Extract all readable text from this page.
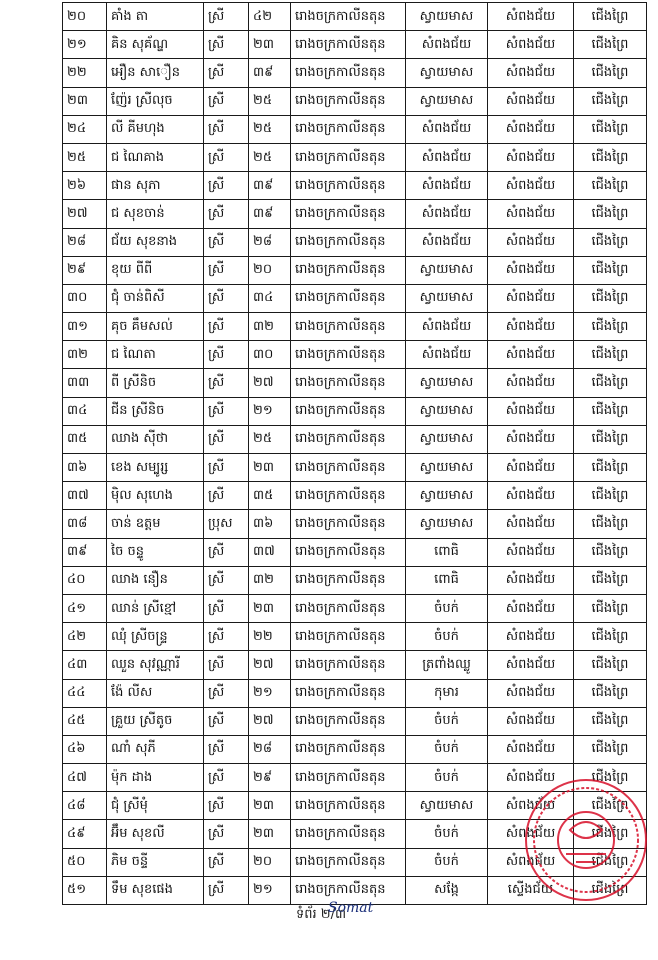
២០	គាំង តា	ស្រី	៤២	រោងចក្រកាលីនតុន	ស្វាយមាស	សំពងជ័យ	ជើងព្រៃ
២១	គិន សុគ័ណ្ឌ	ស្រី	២៣	រោងចក្រកាលីនតុន	សំពងជ័យ	សំពងជ័យ	ជើងព្រៃ
២២	អឿន សាឿន	ស្រី	៣៩	រោងចក្រកាលីនតុន	ស្វាយមាស	សំពងជ័យ	ជើងព្រៃ
២៣	ញ៉ែរ ស្រីលុច	ស្រី	២៥	រោងចក្រកាលីនតុន	ស្វាយមាស	សំពងជ័យ	ជើងព្រៃ
២៤	លី គីមហុង	ស្រី	២៥	រោងចក្រកាលីនតុន	សំពងជ័យ	សំពងជ័យ	ជើងព្រៃ
២៥	ជ ណៃគាង	ស្រី	២៥	រោងចក្រកាលីនតុន	សំពងជ័យ	សំពងជ័យ	ជើងព្រៃ
២៦	ផាន សុភា	ស្រី	៣៩	រោងចក្រកាលីនតុន	សំពងជ័យ	សំពងជ័យ	ជើងព្រៃ
២៧	ជ សុខចាន់	ស្រី	៣៩	រោងចក្រកាលីនតុន	សំពងជ័យ	សំពងជ័យ	ជើងព្រៃ
២៨	ជ័យ សុខនាង	ស្រី	២៨	រោងចក្រកាលីនតុន	សំពងជ័យ	សំពងជ័យ	ជើងព្រៃ
២៩	ខុយ ពីពី	ស្រី	២០	រោងចក្រកាលីនតុន	ស្វាយមាស	សំពងជ័យ	ជើងព្រៃ
៣០	ជុំ ចាន់ពិសី	ស្រី	៣៤	រោងចក្រកាលីនតុន	ស្វាយមាស	សំពងជ័យ	ជើងព្រៃ
៣១	គុច គឹមសល់	ស្រី	៣២	រោងចក្រកាលីនតុន	សំពងជ័យ	សំពងជ័យ	ជើងព្រៃ
៣២	ជ ណៃតា	ស្រី	៣០	រោងចក្រកាលីនតុន	សំពងជ័យ	សំពងជ័យ	ជើងព្រៃ
៣៣	ពី ស្រីនិច	ស្រី	២៧	រោងចក្រកាលីនតុន	ស្វាយមាស	សំពងជ័យ	ជើងព្រៃ
៣៤	ជីន ស្រីនិច	ស្រី	២១	រោងចក្រកាលីនតុន	ស្វាយមាស	សំពងជ័យ	ជើងព្រៃ
៣៥	ឈាង ស៊ីថា	ស្រី	២៥	រោងចក្រកាលីនតុន	ស្វាយមាស	សំពងជ័យ	ជើងព្រៃ
៣៦	ខេង សម្បូរ្ស	ស្រី	២៣	រោងចក្រកាលីនតុន	ស្វាយមាស	សំពងជ័យ	ជើងព្រៃ
៣៧	ម៉ិល សុហេង	ស្រី	៣៥	រោងចក្រកាលីនតុន	ស្វាយមាស	សំពងជ័យ	ជើងព្រៃ
៣៨	ចាន់ ឧត្តម	ប្រុស	៣៦	រោងចក្រកាលីនតុន	ស្វាយមាស	សំពងជ័យ	ជើងព្រៃ
៣៩	ចៃ ចន្ទូ	ស្រី	៣៧	រោងចក្រកាលីនតុន	ពោធិ	សំពងជ័យ	ជើងព្រៃ
៤០	ឈាង នឿន	ស្រី	៣២	រោងចក្រកាលីនតុន	ពោធិ	សំពងជ័យ	ជើងព្រៃ
៤១	ឈាន់ ស្រីខ្មៅ	ស្រី	២៣	រោងចក្រកាលីនតុន	ចំបក់	សំពងជ័យ	ជើងព្រៃ
៤២	ឈុំ ស្រីចន្រ្ទ	ស្រី	២២	រោងចក្រកាលីនតុន	ចំបក់	សំពងជ័យ	ជើងព្រៃ
៤៣	ឈួន សុវណ្ណារី	ស្រី	២៧	រោងចក្រកាលីនតុន	ត្រពាំងឈ្លូ	សំពងជ័យ	ជើងព្រៃ
៤៤	ង៉ែ លីស	ស្រី	២១	រោងចក្រកាលីនតុន	កុមារ	សំពងជ័យ	ជើងព្រៃ
៤៥	គ្រួយ ស្រីតូច	ស្រី	២៧	រោងចក្រកាលីនតុន	ចំបក់	សំពងជ័យ	ជើងព្រៃ
៤៦	ណាំ សុភី	ស្រី	២៨	រោងចក្រកាលីនតុន	ចំបក់	សំពងជ័យ	ជើងព្រៃ
៤៧	ម៉ុក ដាង	ស្រី	២៩	រោងចក្រកាលីនតុន	ចំបក់	សំពងជ័យ	ជើងព្រៃ
៤៨	ជុំ ស្រីមុំ	ស្រី	២៣	រោងចក្រកាលីនតុន	ស្វាយមាស	សំពងជ័យ	ជើងព្រៃ
៤៩	អ៊ឹម សុខលី	ស្រី	២៣	រោងចក្រកាលីនតុន	ចំបក់	សំពងជ័យ	ជើងព្រៃ
៥០	ភិម ចន្ទី	ស្រី	២០	រោងចក្រកាលីនតុន	ចំបក់	សំពងជ័យ	ជើងព្រៃ
៥១	ទឹម សុខផេង	ស្រី	២១	រោងចក្រកាលីនតុន	សង្កែ	ស្ទើងជ័យ	ជើងព្រៃ
ទំព័រ ២/៣
Somat
